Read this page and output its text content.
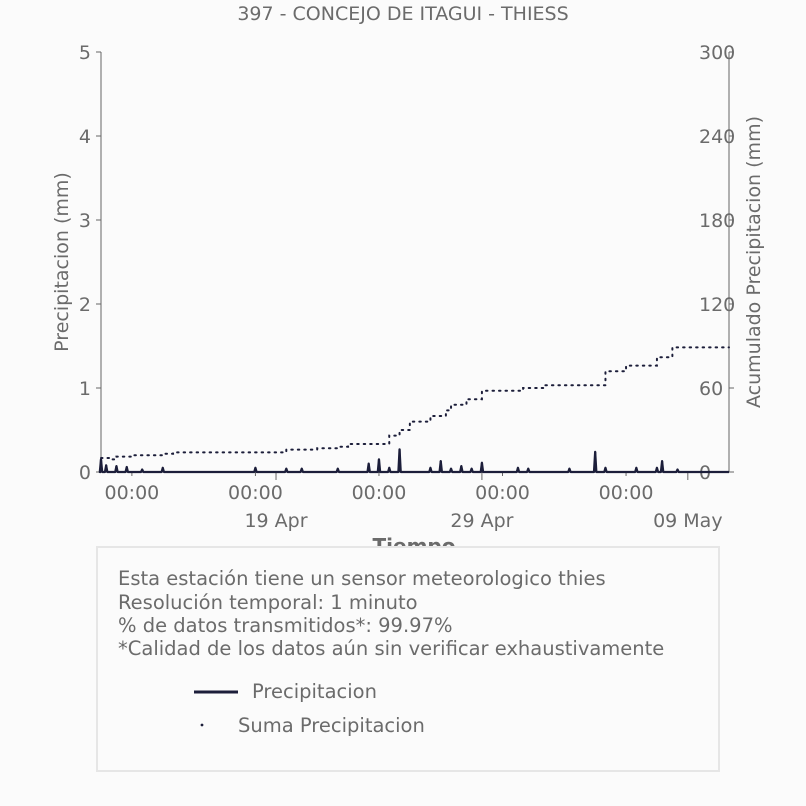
397 - CONCEJO DE ITAGUI - THIESS
0
1
2
3
4
5
0
60
120
180
240
300
00:00	00:00	00:00	00:00	00:00
19 Apr	29 Apr	09 May
Precipitacion (mm)	Acumulado Precipitacion (mm)
Esta estación tiene un sensor meteorologico thies
Resolución temporal: 1 minuto
% de datos transmitidos*: 99.97%
*Calidad de los datos aún sin verificar exhaustivamente
Precipitacion
Suma Precipitacion
